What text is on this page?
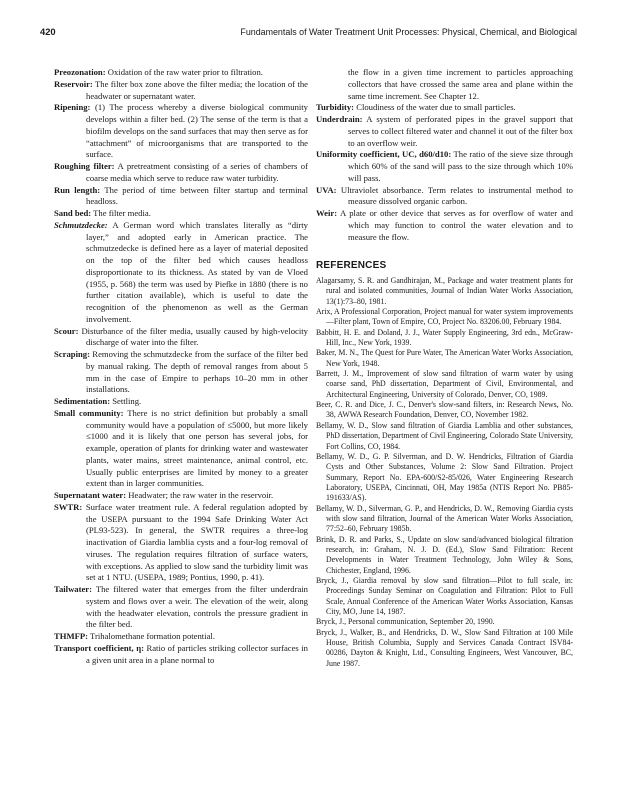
420	Fundamentals of Water Treatment Unit Processes: Physical, Chemical, and Biological

Preozonation: Oxidation of the raw water prior to filtration.

Reservoir: The filter box zone above the filter media; the location of the headwater or supernatant water.

Ripening: (1) The process whereby a diverse biological community develops within a filter bed. (2) The sense of the term is that a biofilm develops on the sand surfaces that may then serve as for “attachment” of microorganisms that are transported to the surface.

Roughing filter: A pretreatment consisting of a series of chambers of coarse media which serve to reduce raw water turbidity.

Run length: The period of time between filter startup and terminal headloss.

Sand bed: The filter media.

Schmutzdecke: A German word which translates literally as “dirty layer,” and adopted early in American practice. The schmutzedecke is defined here as a layer of material deposited on the top of the filter bed which causes headloss disproportionate to its thickness. As stated by van de Vloed (1955, p. 568) the term was used by Piefke in 1880 (there is no further citation available), which is useful to date the recognition of the phenomenon as well as the German involvement.

Scour: Disturbance of the filter media, usually caused by high-velocity discharge of water into the filter.

Scraping: Removing the schmutzdecke from the surface of the filter bed by manual raking. The depth of removal ranges from about 5 mm in the case of Empire to perhaps 10–20 mm in other installations.

Sedimentation: Settling.

Small community: There is no strict definition but probably a small community would have a population of ≤5000, but more likely ≤1000 and it is likely that one person has several jobs, for example, operation of plants for drinking water and wastewater plants, water mains, street maintenance, animal control, etc. Usually public enterprises are limited by money to a greater extent than in larger communities.

Supernatant water: Headwater; the raw water in the reservoir.

SWTR: Surface water treatment rule. A federal regulation adopted by the USEPA pursuant to the 1994 Safe Drinking Water Act (PL93-523). In general, the SWTR requires a three-log inactivation of Giardia lamblia cysts and a four-log removal of viruses. The regulation requires filtration of surface waters, with exceptions. As applied to slow sand the turbidity limit was set at 1 NTU. (USEPA, 1989; Pontius, 1990, p. 41).

Tailwater: The filtered water that emerges from the filter underdrain system and flows over a weir. The elevation of the weir, along with the headwater elevation, controls the pressure gradient in the filter bed.

THMFP: Trihalomethane formation potential.

Transport coefficient, η: Ratio of particles striking collector surfaces in a given unit area in a plane normal to

the flow in a given time increment to particles approaching collectors that have crossed the same area and plane within the same time increment. See Chapter 12.

Turbidity: Cloudiness of the water due to small particles.

Underdrain: A system of perforated pipes in the gravel support that serves to collect filtered water and channel it out of the filter box to an overflow weir.

Uniformity coefficient, UC, d60/d10: The ratio of the sieve size through which 60% of the sand will pass to the size through which 10% will pass.

UVA: Ultraviolet absorbance. Term relates to instrumental method to measure dissolved organic carbon.

Weir: A plate or other device that serves as for overflow of water and which may function to control the water elevation and to measure the flow.

REFERENCES

Alagarsamy, S. R. and Gandhirajan, M., Package and water treatment plants for rural and isolated communities, Journal of Indian Water Works Association, 13(1):73–80, 1981.

Arix, A Professional Corporation, Project manual for water system improvements—Filter plant, Town of Empire, CO, Project No. 83206.00, February 1984.

Babbitt, H. E. and Doland, J. J., Water Supply Engineering, 3rd edn., McGraw-Hill, Inc., New York, 1939.

Baker, M. N., The Quest for Pure Water, The American Water Works Association, New York, 1948.

Barrett, J. M., Improvement of slow sand filtration of warm water by using coarse sand, PhD dissertation, Department of Civil, Environmental, and Architectural Engineering, University of Colorado, Denver, CO, 1989.

Beer, C. R. and Dice, J. C., Denver's slow-sand filters, in: Research News, No. 38, AWWA Research Foundation, Denver, CO, November 1982.

Bellamy, W. D., Slow sand filtration of Giardia Lamblia and other substances, PhD dissertation, Department of Civil Engineering, Colorado State University, Fort Collins, CO, 1984.

Bellamy, W. D., G. P. Silverman, and D. W. Hendricks, Filtration of Giardia Cysts and Other Substances, Volume 2: Slow Sand Filtration. Project Summary, Report No. EPA-600/S2-85/026, Water Engineering Research Laboratory, USEPA, Cincinnati, OH, May 1985a (NTIS Report No. PB85-191633/AS).

Bellamy, W. D., Silverman, G. P., and Hendricks, D. W., Removing Giardia cysts with slow sand filtration, Journal of the American Water Works Association, 77:52–60, February 1985b.

Brink, D. R. and Parks, S., Update on slow sand/advanced biological filtration research, in: Graham, N. J. D. (Ed.), Slow Sand Filtration: Recent Developments in Water Treatment Technology, John Wiley & Sons, Chichester, England, 1996.

Bryck, J., Giardia removal by slow sand filtration—Pilot to full scale, in: Proceedings Sunday Seminar on Coagulation and Filtration: Pilot to Full Scale, Annual Conference of the American Water Works Association, Kansas City, MO, June 14, 1987.

Bryck, J., Personal communication, September 20, 1990.

Bryck, J., Walker, B., and Hendricks, D. W., Slow Sand Filtration at 100 Mile House, British Columbia, Supply and Services Canada Contract ISV84-00286, Dayton & Knight, Ltd., Consulting Engineers, West Vancouver, BC, June 1987.
